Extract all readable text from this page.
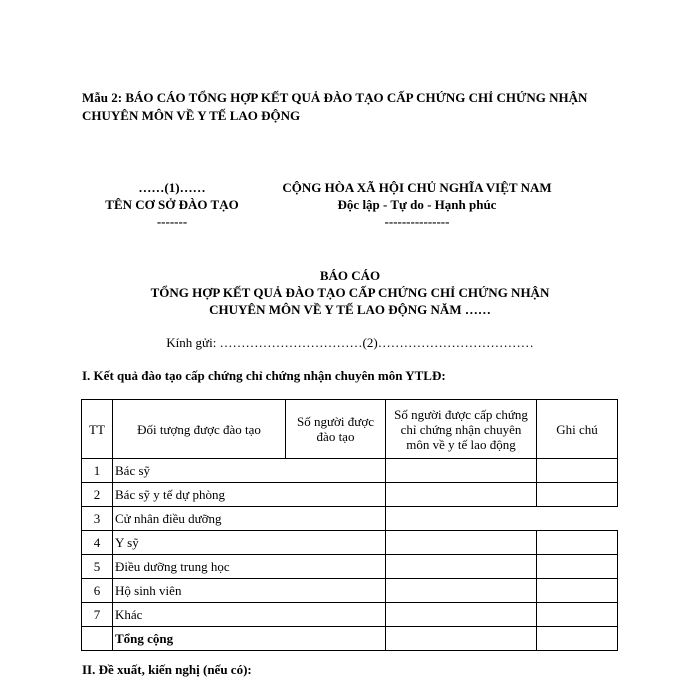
Mẫu 2: BÁO CÁO TỔNG HỢP KẾT QUẢ ĐÀO TẠO CẤP CHỨNG CHỈ CHỨNG NHẬN CHUYÊN MÔN VỀ Y TẾ LAO ĐỘNG
……(1)……
TÊN CƠ SỞ ĐÀO TẠO
-------
CỘNG HÒA XÃ HỘI CHỦ NGHĨA VIỆT NAM
Độc lập - Tự do - Hạnh phúc
---------------
BÁO CÁO
TỔNG HỢP KẾT QUẢ ĐÀO TẠO CẤP CHỨNG CHỈ CHỨNG NHẬN
CHUYÊN MÔN VỀ Y TẾ LAO ĐỘNG NĂM ……
Kính gửi: ……………………………(2)………………………………
I. Kết quả đào tạo cấp chứng chỉ chứng nhận chuyên môn YTLĐ:
TT	Đối tượng được đào tạo	Số người được đào tạo	Số người được cấp chứng chỉ chứng nhận chuyên môn về y tế lao động	Ghi chú
1	Bác sỹ			
2	Bác sỹ y tế dự phòng			
3	Cử nhân điều dưỡng			
4	Y sỹ			
5	Điều dưỡng trung học			
6	Hộ sinh viên			
7	Khác			
	Tổng cộng			
II. Đề xuất, kiến nghị (nếu có):
